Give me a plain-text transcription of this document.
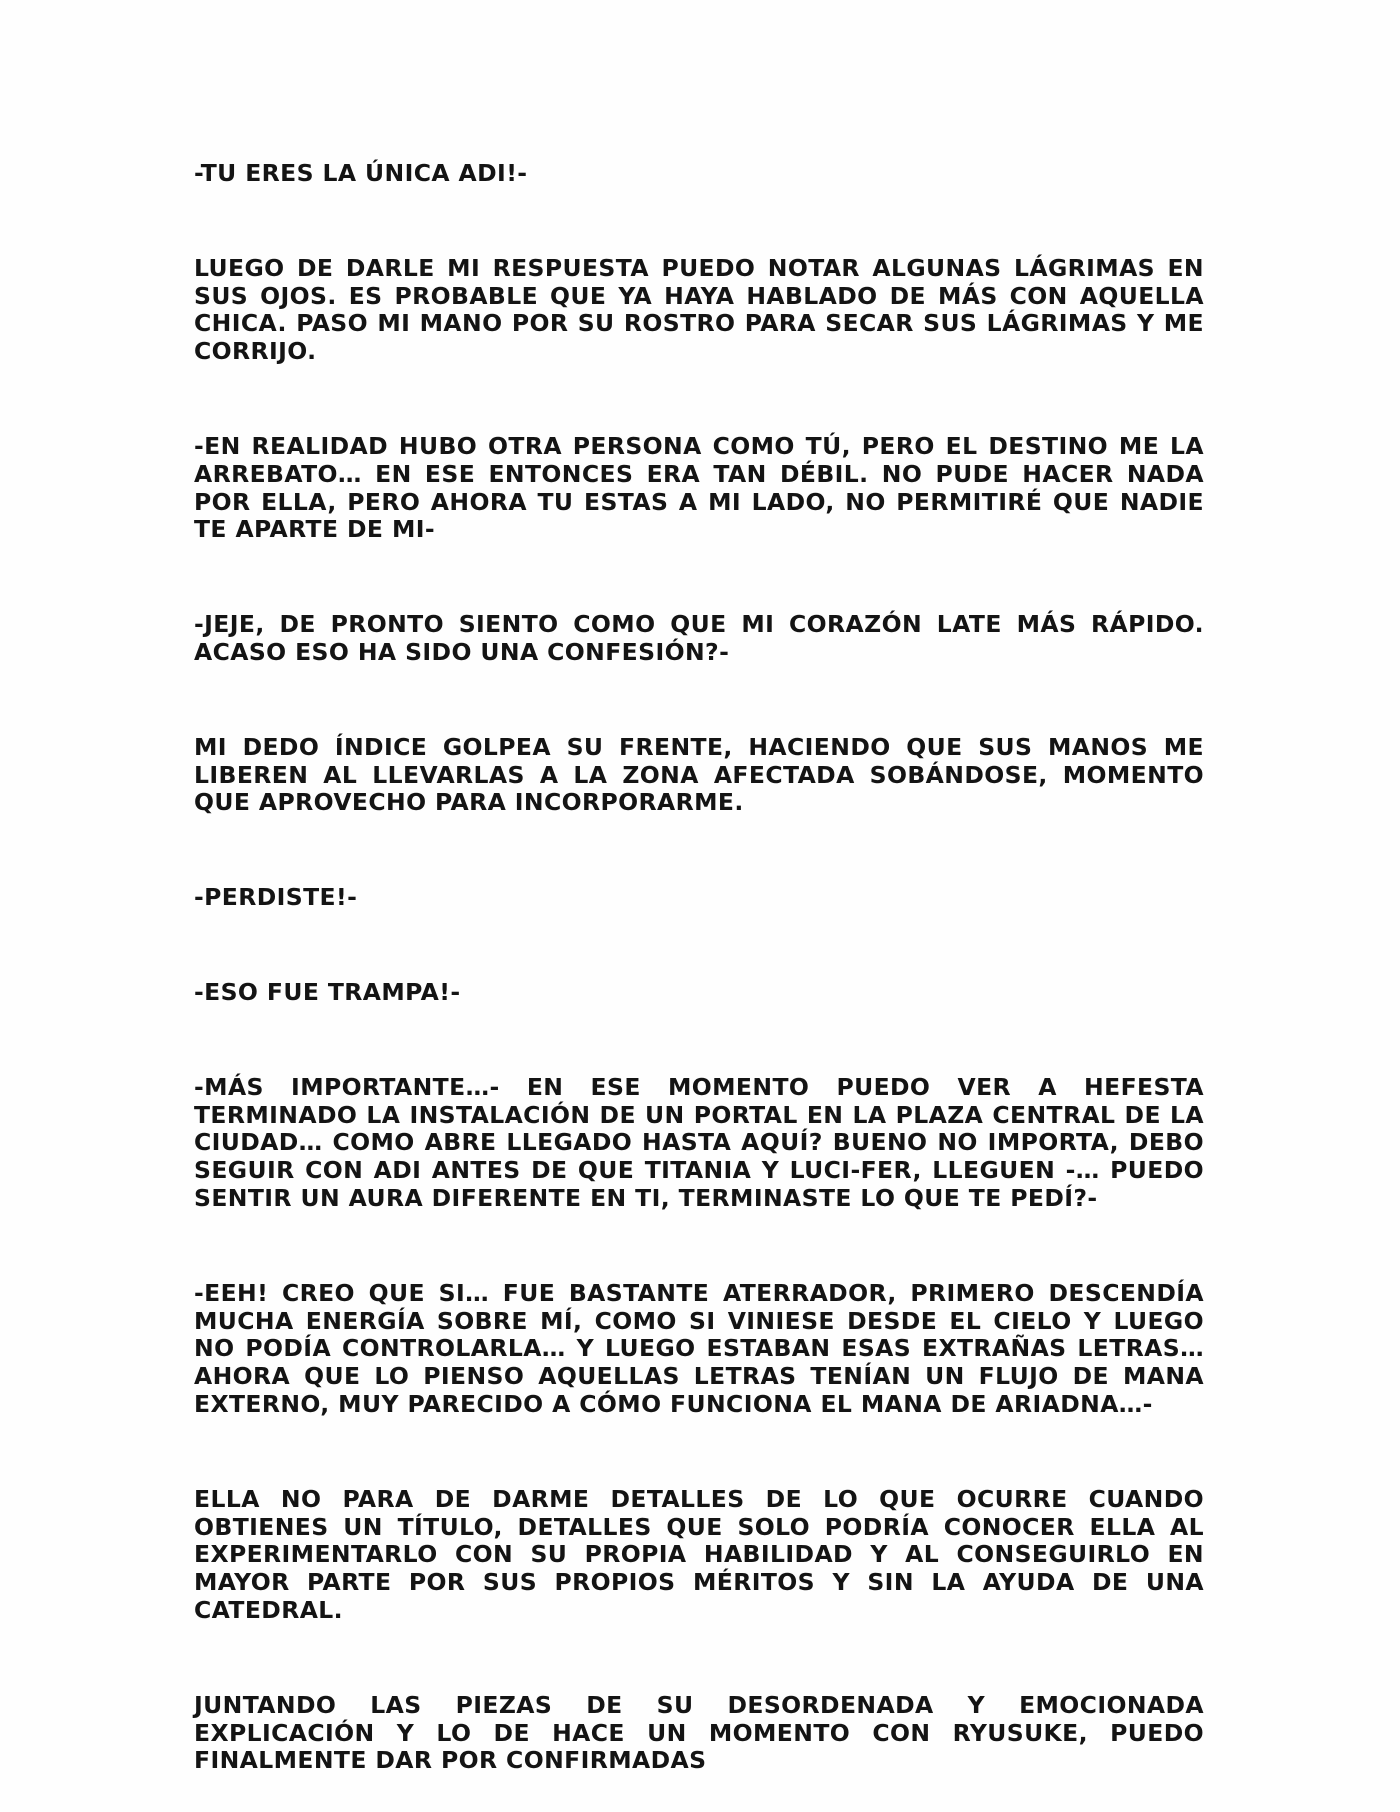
-TU ERES LA ÚNICA ADI!-

LUEGO DE DARLE MI RESPUESTA PUEDO NOTAR ALGUNAS LÁGRIMAS EN SUS OJOS. ES PROBABLE QUE YA HAYA HABLADO DE MÁS CON AQUELLA CHICA. PASO MI MANO POR SU ROSTRO PARA SECAR SUS LÁGRIMAS Y ME CORRIJO.

-EN REALIDAD HUBO OTRA PERSONA COMO TÚ, PERO EL DESTINO ME LA ARREBATO… EN ESE ENTONCES ERA TAN DÉBIL. NO PUDE HACER NADA POR ELLA, PERO AHORA TU ESTAS A MI LADO, NO PERMITIRÉ QUE NADIE TE APARTE DE MI-

-JEJE, DE PRONTO SIENTO COMO QUE MI CORAZÓN LATE MÁS RÁPIDO. ACASO ESO HA SIDO UNA CONFESIÓN?-

MI DEDO ÍNDICE GOLPEA SU FRENTE, HACIENDO QUE SUS MANOS ME LIBEREN AL LLEVARLAS A LA ZONA AFECTADA SOBÁNDOSE, MOMENTO QUE APROVECHO PARA INCORPORARME.

-PERDISTE!-

-ESO FUE TRAMPA!-

-MÁS IMPORTANTE…- EN ESE MOMENTO PUEDO VER A HEFESTA TERMINADO LA INSTALACIÓN DE UN PORTAL EN LA PLAZA CENTRAL DE LA CIUDAD… COMO ABRE LLEGADO HASTA AQUÍ? BUENO NO IMPORTA, DEBO SEGUIR CON ADI ANTES DE QUE TITANIA Y LUCI-FER, LLEGUEN -… PUEDO SENTIR UN AURA DIFERENTE EN TI, TERMINASTE LO QUE TE PEDÍ?-

-EEH! CREO QUE SI… FUE BASTANTE ATERRADOR, PRIMERO DESCENDÍA MUCHA ENERGÍA SOBRE MÍ, COMO SI VINIESE DESDE EL CIELO Y LUEGO NO PODÍA CONTROLARLA… Y LUEGO ESTABAN ESAS EXTRAÑAS LETRAS… AHORA QUE LO PIENSO AQUELLAS LETRAS TENÍAN UN FLUJO DE MANA EXTERNO, MUY PARECIDO A CÓMO FUNCIONA EL MANA DE ARIADNA…-

ELLA NO PARA DE DARME DETALLES DE LO QUE OCURRE CUANDO OBTIENES UN TÍTULO, DETALLES QUE SOLO PODRÍA CONOCER ELLA AL EXPERIMENTARLO CON SU PROPIA HABILIDAD Y AL CONSEGUIRLO EN MAYOR PARTE POR SUS PROPIOS MÉRITOS Y SIN LA AYUDA DE UNA CATEDRAL.

JUNTANDO LAS PIEZAS DE SU DESORDENADA Y EMOCIONADA EXPLICACIÓN Y LO DE HACE UN MOMENTO CON RYUSUKE, PUEDO FINALMENTE DAR POR CONFIRMADAS
